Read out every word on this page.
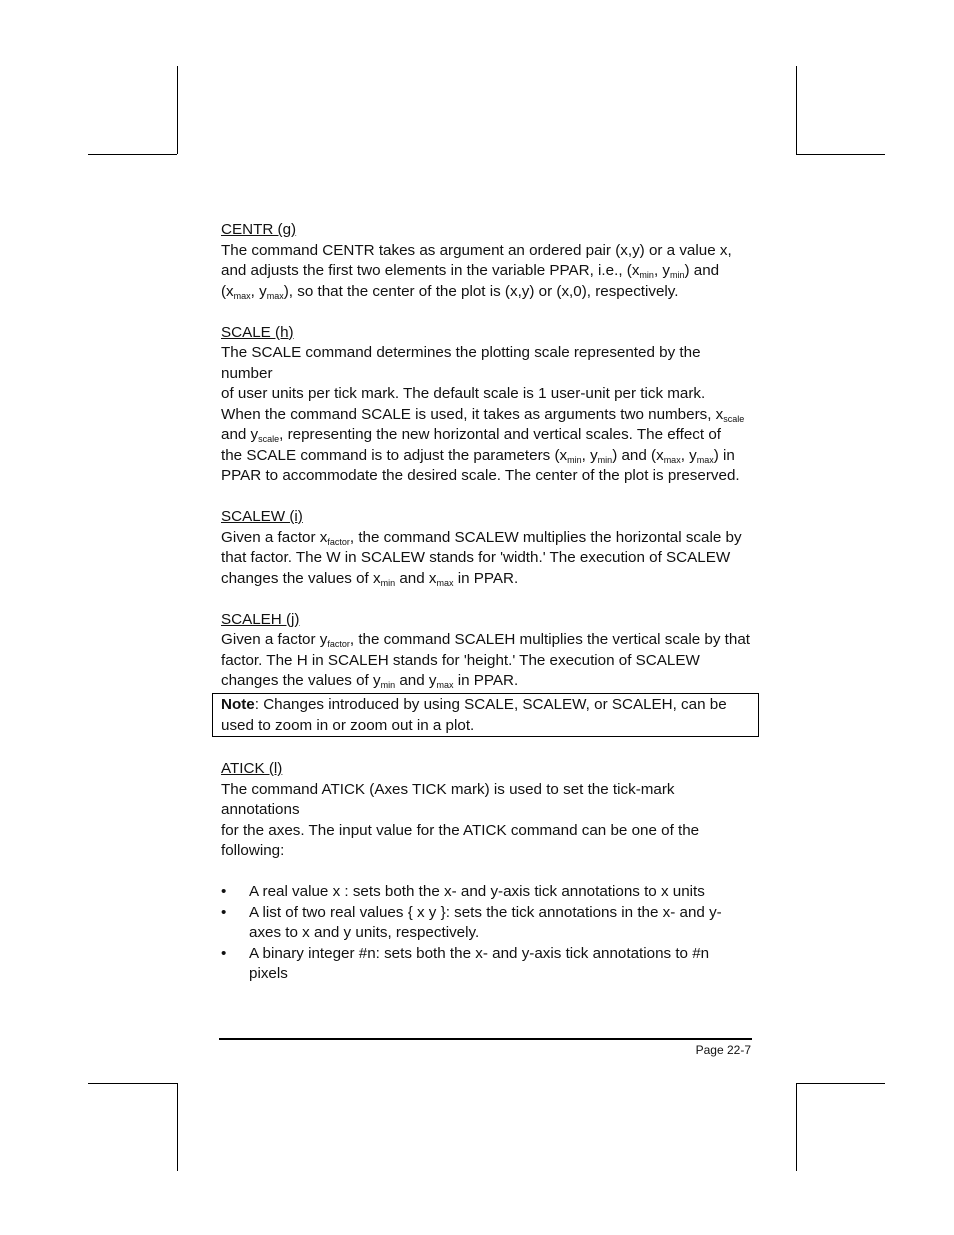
CENTR (g)
The command CENTR takes as argument an ordered pair (x,y) or a value x,
and adjusts the first two elements in the variable PPAR, i.e., ($x_{min}$, $y_{min}$) and
($x_{max}$, $y_{max}$), so that the center of the plot is (x,y) or (x,0), respectively.
SCALE (h)
The SCALE command determines the plotting scale represented by the number
of user units per tick mark. The default scale is 1 user-unit per tick mark.
When the command SCALE is used, it takes as arguments two numbers, $x_{scale}$
and $y_{scale}$, representing the new horizontal and vertical scales. The effect of
the SCALE command is to adjust the parameters ($x_{min}$, $y_{min}$) and ($x_{max}$, $y_{max}$) in
PPAR to accommodate the desired scale. The center of the plot is preserved.
SCALEW (i)
Given a factor $x_{factor}$, the command SCALEW multiplies the horizontal scale by
that factor. The W in SCALEW stands for 'width.' The execution of SCALEW
changes the values of $x_{min}$ and $x_{max}$ in PPAR.
SCALEH (j)
Given a factor $y_{factor}$, the command SCALEH multiplies the vertical scale by that
factor. The H in SCALEH stands for 'height.' The execution of SCALEW
changes the values of $y_{min}$ and $y_{max}$ in PPAR.
Note: Changes introduced by using SCALE, SCALEW, or SCALEH, can be
used to zoom in or zoom out in a plot.
ATICK (l)
The command ATICK (Axes TICK mark) is used to set the tick-mark annotations
for the axes. The input value for the ATICK command can be one of the
following:
• A real value x : sets both the x- and y-axis tick annotations to x units
• A list of two real values { x y }: sets the tick annotations in the x- and y-
axes to x and y units, respectively.
• A binary integer #n: sets both the x- and y-axis tick annotations to #n
pixels
Page 22-7
